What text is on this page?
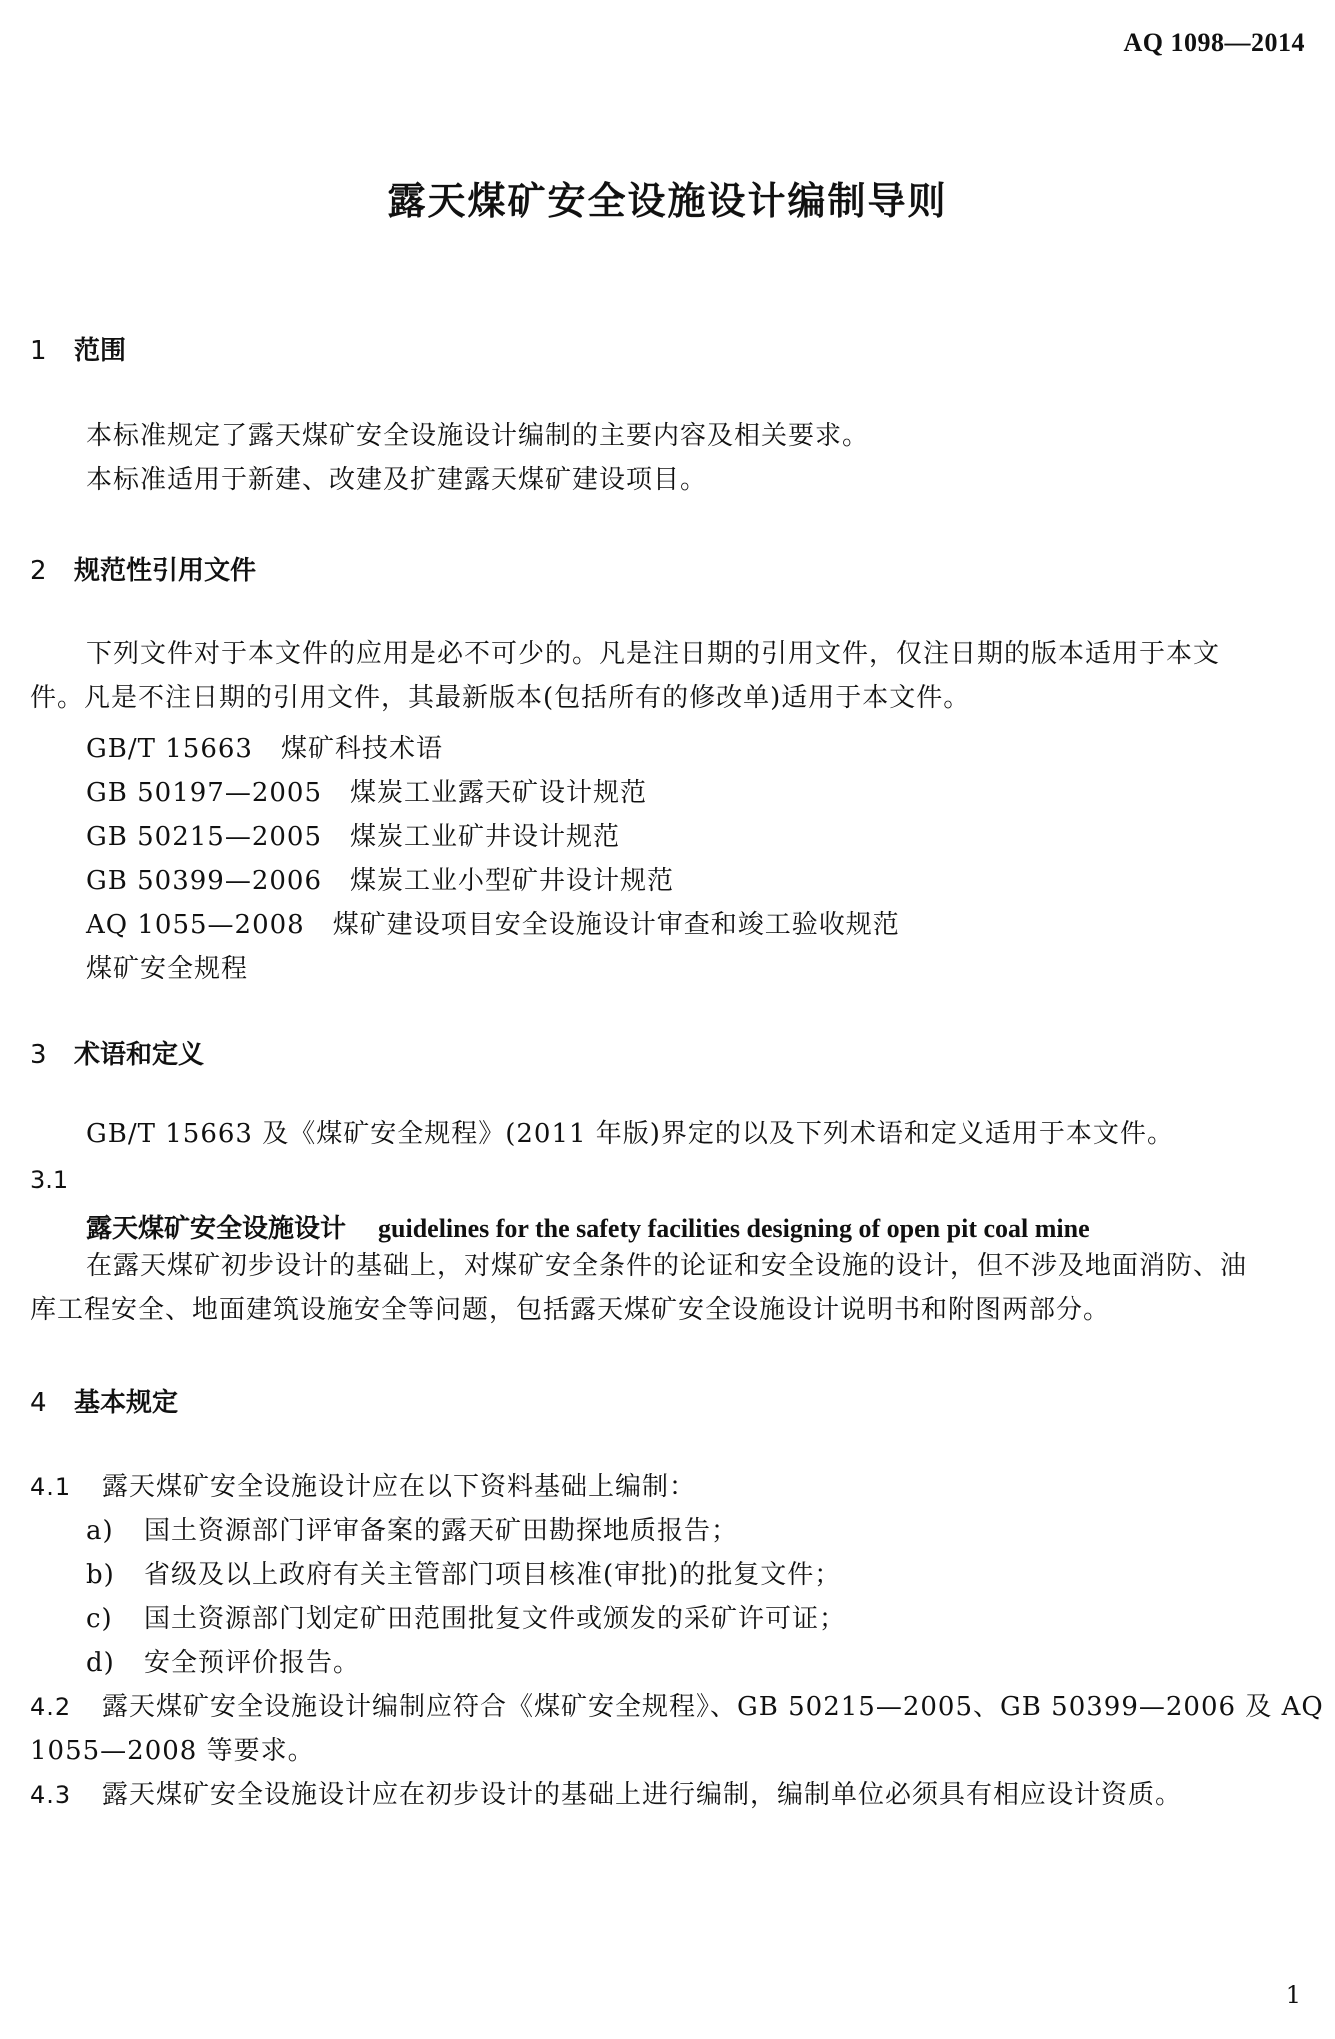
AQ 1098—2014
露天煤矿安全设施设计编制导则
1 范围
本标准规定了露天煤矿安全设施设计编制的主要内容及相关要求。
本标准适用于新建、改建及扩建露天煤矿建设项目。
2 规范性引用文件
下列文件对于本文件的应用是必不可少的。凡是注日期的引用文件，仅注日期的版本适用于本文
件。凡是不注日期的引用文件，其最新版本(包括所有的修改单)适用于本文件。
GB/T 15663 煤矿科技术语
GB 50197—2005 煤炭工业露天矿设计规范
GB 50215—2005 煤炭工业矿井设计规范
GB 50399—2006 煤炭工业小型矿井设计规范
AQ 1055—2008 煤矿建设项目安全设施设计审查和竣工验收规范
煤矿安全规程
3 术语和定义
GB/T 15663 及《煤矿安全规程》(2011 年版)界定的以及下列术语和定义适用于本文件。
3.1
露天煤矿安全设施设计 guidelines for the safety facilities designing of open pit coal mine
在露天煤矿初步设计的基础上，对煤矿安全条件的论证和安全设施的设计，但不涉及地面消防、油
库工程安全、地面建筑设施安全等问题，包括露天煤矿安全设施设计说明书和附图两部分。
4 基本规定
4.1 露天煤矿安全设施设计应在以下资料基础上编制：
a) 国土资源部门评审备案的露天矿田勘探地质报告；
b) 省级及以上政府有关主管部门项目核准(审批)的批复文件；
c) 国土资源部门划定矿田范围批复文件或颁发的采矿许可证；
d) 安全预评价报告。
4.2 露天煤矿安全设施设计编制应符合《煤矿安全规程》、GB 50215—2005、GB 50399—2006 及 AQ
1055—2008 等要求。
4.3 露天煤矿安全设施设计应在初步设计的基础上进行编制，编制单位必须具有相应设计资质。
1
